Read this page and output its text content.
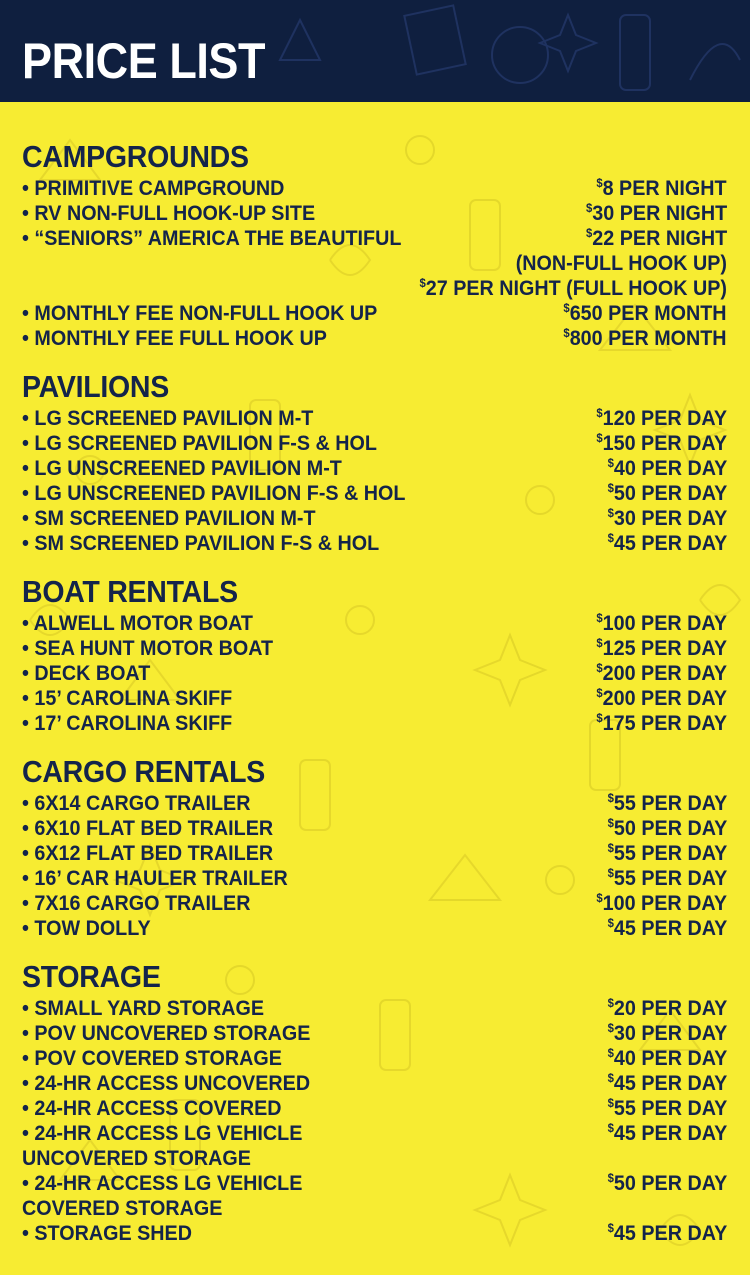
PRICE LIST
CAMPGROUNDS
• PRIMITIVE CAMPGROUND	$8 PER NIGHT
• RV NON-FULL HOOK-UP SITE	$30 PER NIGHT
• “SENIORS” AMERICA THE BEAUTIFUL	$22 PER NIGHT
(NON-FULL HOOK UP)
$27 PER NIGHT (FULL HOOK UP)
• MONTHLY FEE NON-FULL HOOK UP	$650 PER MONTH
• MONTHLY FEE FULL HOOK UP	$800 PER MONTH
PAVILIONS
• LG SCREENED PAVILION M-T	$120 PER DAY
• LG SCREENED PAVILION F-S & HOL	$150 PER DAY
• LG UNSCREENED PAVILION M-T	$40 PER DAY
• LG UNSCREENED PAVILION F-S & HOL	$50 PER DAY
• SM SCREENED PAVILION M-T	$30 PER DAY
• SM SCREENED PAVILION F-S & HOL	$45 PER DAY
BOAT RENTALS
• ALWELL MOTOR BOAT	$100 PER DAY
• SEA HUNT MOTOR BOAT	$125 PER DAY
• DECK BOAT	$200 PER DAY
• 15’ CAROLINA SKIFF	$200 PER DAY
• 17’ CAROLINA SKIFF	$175 PER DAY
CARGO RENTALS
• 6X14 CARGO TRAILER	$55 PER DAY
• 6X10 FLAT BED TRAILER	$50 PER DAY
• 6X12 FLAT BED TRAILER	$55 PER DAY
• 16’ CAR HAULER TRAILER	$55 PER DAY
• 7X16 CARGO TRAILER	$100 PER DAY
• TOW DOLLY	$45 PER DAY
STORAGE
• SMALL YARD STORAGE	$20 PER DAY
• POV UNCOVERED STORAGE	$30 PER DAY
• POV COVERED STORAGE	$40 PER DAY
• 24-HR ACCESS UNCOVERED	$45 PER DAY
• 24-HR ACCESS COVERED	$55 PER DAY
• 24-HR ACCESS LG VEHICLE UNCOVERED STORAGE
$45 PER DAY
• 24-HR ACCESS LG VEHICLE COVERED STORAGE
$50 PER DAY
• STORAGE SHED	$45 PER DAY
